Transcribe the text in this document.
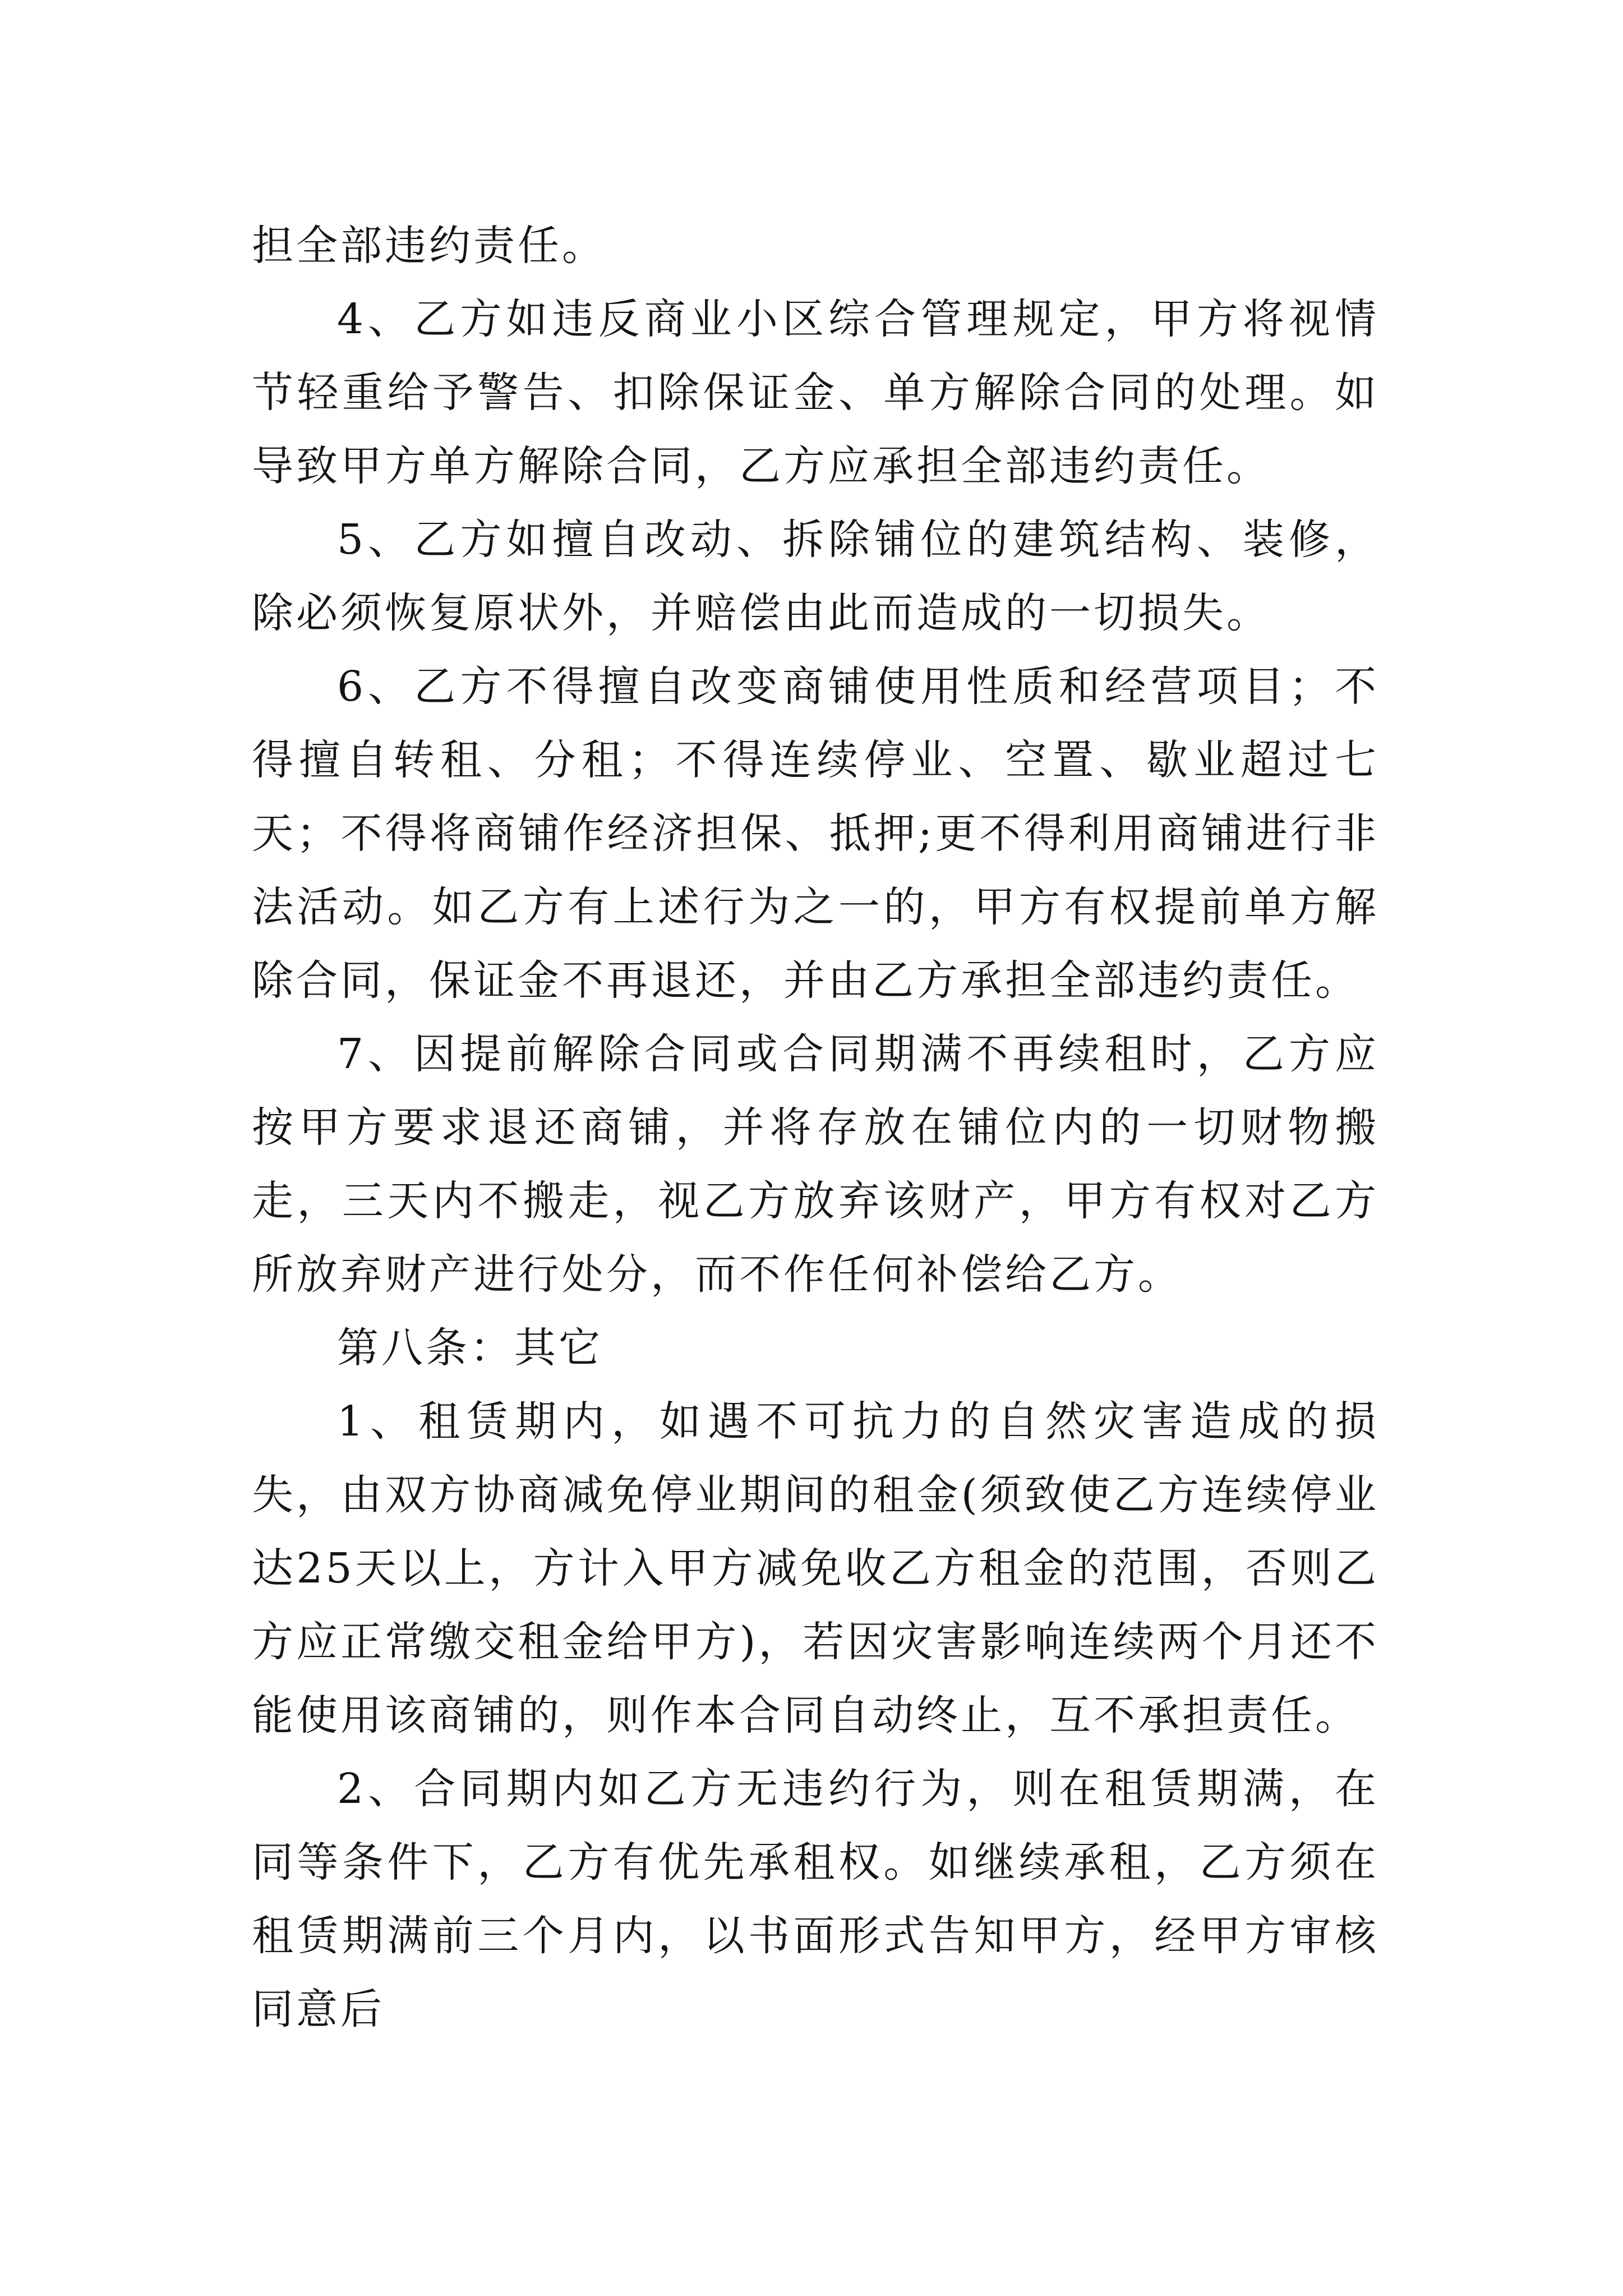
担全部违约责任。

4、乙方如违反商业小区综合管理规定，甲方将视情节轻重给予警告、扣除保证金、单方解除合同的处理。如导致甲方单方解除合同，乙方应承担全部违约责任。

5、乙方如擅自改动、拆除铺位的建筑结构、装修，除必须恢复原状外，并赔偿由此而造成的一切损失。

6、乙方不得擅自改变商铺使用性质和经营项目；不得擅自转租、分租；不得连续停业、空置、歇业超过七天；不得将商铺作经济担保、抵押;更不得利用商铺进行非法活动。如乙方有上述行为之一的，甲方有权提前单方解除合同，保证金不再退还，并由乙方承担全部违约责任。

7、因提前解除合同或合同期满不再续租时，乙方应按甲方要求退还商铺，并将存放在铺位内的一切财物搬走，三天内不搬走，视乙方放弃该财产，甲方有权对乙方所放弃财产进行处分，而不作任何补偿给乙方。

第八条：其它

1、租赁期内，如遇不可抗力的自然灾害造成的损失，由双方协商减免停业期间的租金(须致使乙方连续停业达25天以上，方计入甲方减免收乙方租金的范围，否则乙方应正常缴交租金给甲方)，若因灾害影响连续两个月还不能使用该商铺的，则作本合同自动终止，互不承担责任。

2、合同期内如乙方无违约行为，则在租赁期满，在同等条件下，乙方有优先承租权。如继续承租，乙方须在租赁期满前三个月内，以书面形式告知甲方，经甲方审核同意后
